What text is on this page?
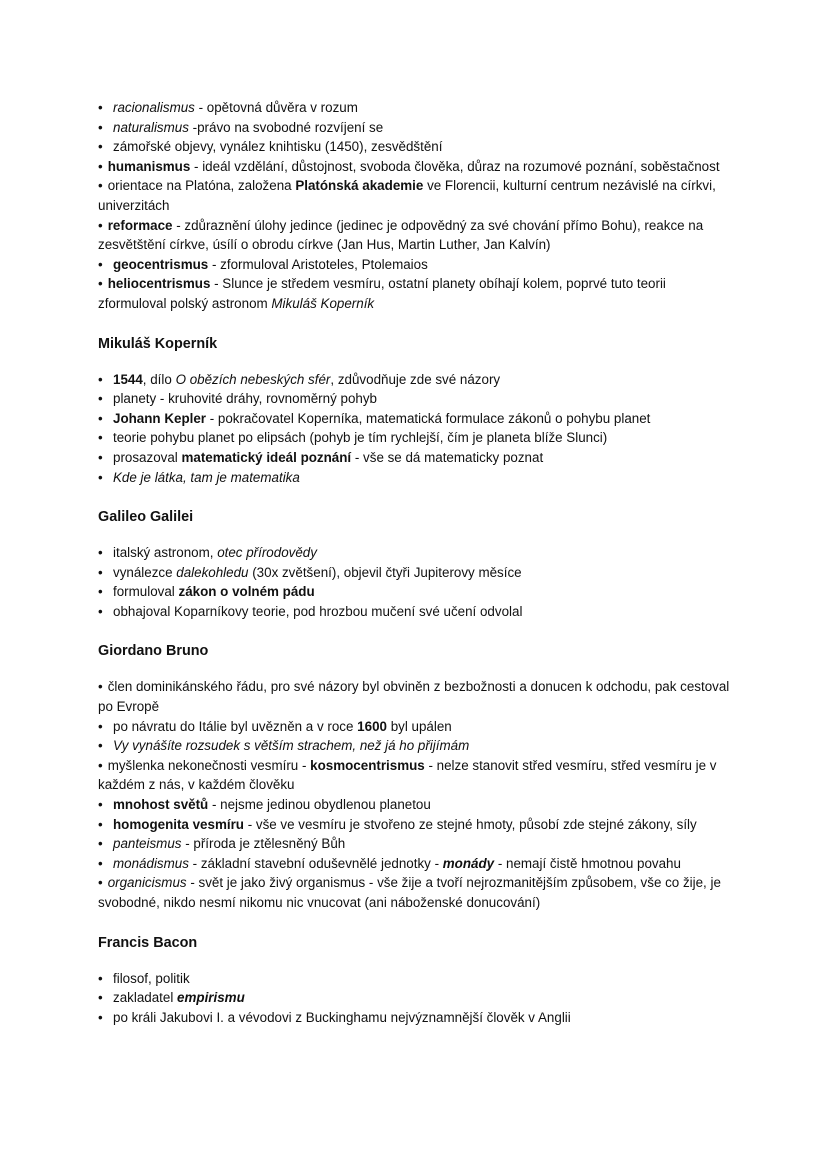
• racionalismus - opětovná důvěra v rozum
• naturalismus -právo na svobodné rozvíjení se
• zámořské objevy, vynález knihtisku (1450), zesvědštění
• humanismus - ideál vzdělání, důstojnost, svoboda člověka, důraz na rozumové poznání, soběstačnost
• orientace na Platóna, založena Platónská akademie ve Florencii, kulturní centrum nezávislé na církvi, univerzitách
• reformace - zdůraznění úlohy jedince (jedinec je odpovědný za své chování přímo Bohu), reakce na zesvětštění církve, úsílí o obrodu církve (Jan Hus, Martin Luther, Jan Kalvín)
• geocentrismus - zformuloval Aristoteles, Ptolemaios
• heliocentrismus - Slunce je středem vesmíru, ostatní planety obíhají kolem, poprvé tuto teorii zformuloval polský astronom Mikuláš Koperník
Mikuláš Koperník
• 1544, dílo O obězích nebeských sfér, zdůvodňuje zde své názory
• planety - kruhovité dráhy, rovnoměrný pohyb
• Johann Kepler - pokračovatel Koperníka, matematická formulace zákonů o pohybu planet
• teorie pohybu planet po elipsách (pohyb je tím rychlejší, čím je planeta blíže Slunci)
• prosazoval matematický ideál poznání - vše se dá matematicky poznat
• Kde je látka, tam je matematika
Galileo Galilei
• italský astronom, otec přírodovědy
• vynálezce dalekohledu (30x zvětšení), objevil čtyři Jupiterovy měsíce
• formuloval zákon o volném pádu
• obhajoval Koparníkovy teorie, pod hrozbou mučení své učení odvolal
Giordano Bruno
• člen dominikánského řádu, pro své názory byl obviněn z bezbožnosti a donucen k odchodu, pak cestoval po Evropě
• po návratu do Itálie byl uvězněn a v roce 1600 byl upálen
• Vy vynášíte rozsudek s větším strachem, než já ho přijímám
• myšlenka nekonečnosti vesmíru - kosmocentrismus - nelze stanovit střed vesmíru, střed vesmíru je v každém z nás, v každém člověku
• mnohost světů - nejsme jedinou obydlenou planetou
• homogenita vesmíru - vše ve vesmíru je stvořeno ze stejné hmoty, působí zde stejné zákony, síly
• panteismus - příroda je ztělesněný Bůh
• monádismus - základní stavební oduševnělé jednotky - monády - nemají čistě hmotnou povahu
• organicismus - svět je jako živý organismus - vše žije a tvoří nejrozmanitějším způsobem, vše co žije, je svobodné, nikdo nesmí nikomu nic vnucovat (ani náboženské donucování)
Francis Bacon
• filosof, politik
• zakladatel empirismu
• po králi Jakubovi I. a vévodovi z Buckinghamu nejvýznamnější člověk v Anglii
